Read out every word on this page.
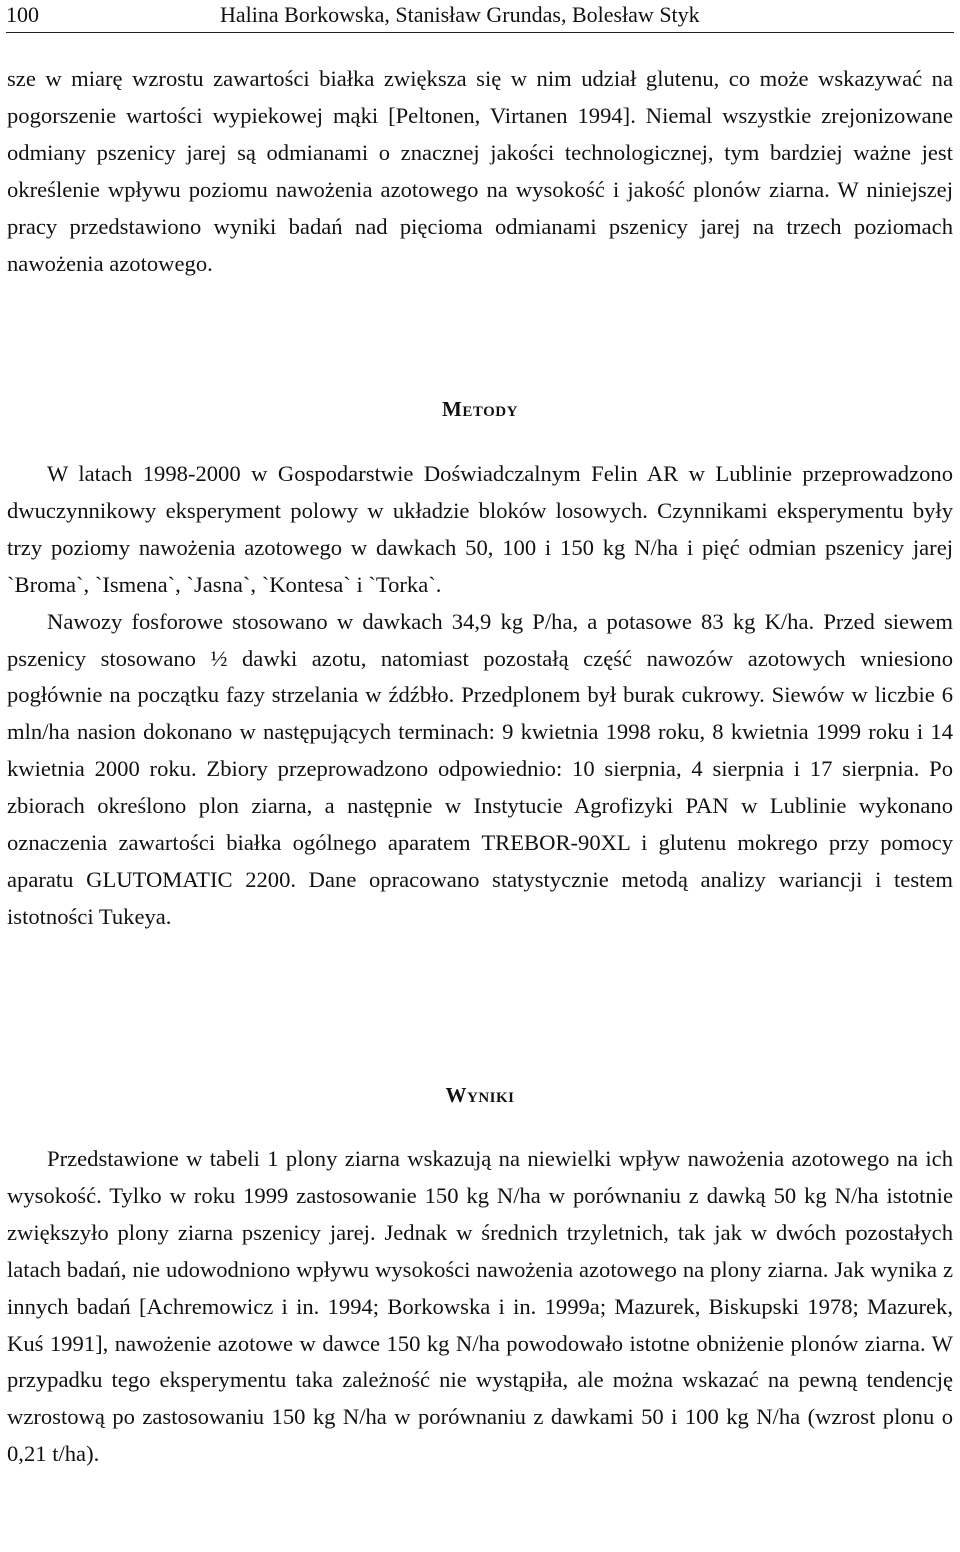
100	Halina Borkowska, Stanisław Grundas, Bolesław Styk

sze w miarę wzrostu zawartości białka zwiększa się w nim udział glutenu, co może wskazywać na pogorszenie wartości wypiekowej mąki [Peltonen, Virtanen 1994]. Niemal wszystkie zrejonizowane odmiany pszenicy jarej są odmianami o znacznej jakości technologicznej, tym bardziej ważne jest określenie wpływu poziomu nawożenia azotowego na wysokość i jakość plonów ziarna. W niniejszej pracy przedstawiono wyniki badań nad pięcioma odmianami pszenicy jarej na trzech poziomach nawożenia azotowego.

Metody

W latach 1998-2000 w Gospodarstwie Doświadczalnym Felin AR w Lublinie przeprowadzono dwuczynnikowy eksperyment polowy w układzie bloków losowych. Czynnikami eksperymentu były trzy poziomy nawożenia azotowego w dawkach 50, 100 i 150 kg N/ha i pięć odmian pszenicy jarej `Broma`, `Ismena`, `Jasna`, `Kontesa` i `Torka`.

Nawozy fosforowe stosowano w dawkach 34,9 kg P/ha, a potasowe 83 kg K/ha. Przed siewem pszenicy stosowano ½ dawki azotu, natomiast pozostałą część nawozów azotowych wniesiono pogłównie na początku fazy strzelania w źdźbło. Przedplonem był burak cukrowy. Siewów w liczbie 6 mln/ha nasion dokonano w następujących terminach: 9 kwietnia 1998 roku, 8 kwietnia 1999 roku i 14 kwietnia 2000 roku. Zbiory przeprowadzono odpowiednio: 10 sierpnia, 4 sierpnia i 17 sierpnia. Po zbiorach określono plon ziarna, a następnie w Instytucie Agrofizyki PAN w Lublinie wykonano oznaczenia zawartości białka ogólnego aparatem TREBOR-90XL i glutenu mokrego przy pomocy aparatu GLUTOMATIC 2200. Dane opracowano statystycznie metodą analizy wariancji i testem istotności Tukeya.

Wyniki

Przedstawione w tabeli 1 plony ziarna wskazują na niewielki wpływ nawożenia azotowego na ich wysokość. Tylko w roku 1999 zastosowanie 150 kg N/ha w porównaniu z dawką 50 kg N/ha istotnie zwiększyło plony ziarna pszenicy jarej. Jednak w średnich trzyletnich, tak jak w dwóch pozostałych latach badań, nie udowodniono wpływu wysokości nawożenia azotowego na plony ziarna. Jak wynika z innych badań [Achremowicz i in. 1994; Borkowska i in. 1999a; Mazurek, Biskupski 1978; Mazurek, Kuś 1991], nawożenie azotowe w dawce 150 kg N/ha powodowało istotne obniżenie plonów ziarna. W przypadku tego eksperymentu taka zależność nie wystąpiła, ale można wskazać na pewną tendencję wzrostową po zastosowaniu 150 kg N/ha w porównaniu z dawkami 50 i 100 kg N/ha (wzrost plonu o 0,21 t/ha).
